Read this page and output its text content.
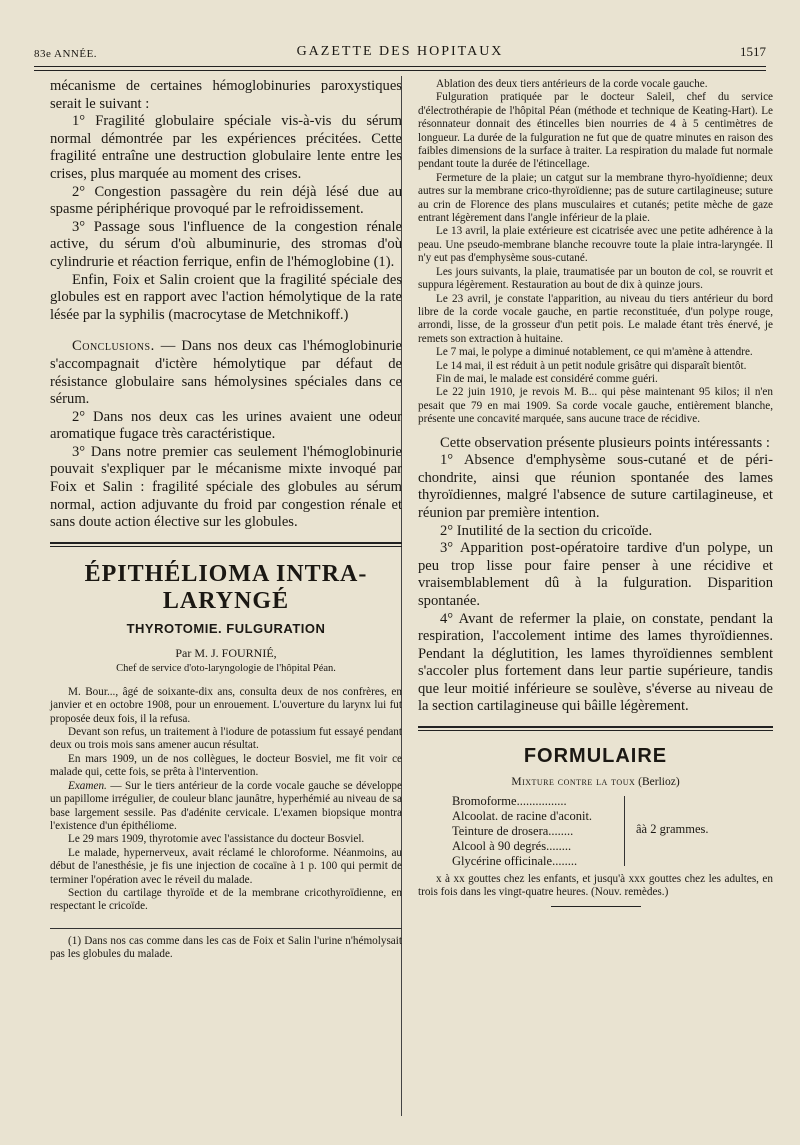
83e ANNÉE.	GAZETTE DES HOPITAUX	1517

mécanisme de certaines hémoglobinuries paroxystiques serait le suivant :

1° Fragilité globulaire spéciale vis-à-vis du sérum normal démontrée par les expériences précitées. Cette fragilité entraîne une destruction globulaire lente entre les crises, plus marquée au moment des crises.

2° Congestion passagère du rein déjà lésé due au spasme périphérique provoqué par le refroidissement.

3° Passage sous l'influence de la congestion rénale active, du sérum d'où albuminurie, des stromas d'où cylindrurie et réaction ferrique, enfin de l'hémoglobine (1).

Enfin, Foix et Salin croient que la fragilité spéciale des globules est en rapport avec l'action hémolytique de la rate lésée par la syphilis (macrocytase de Metchnikoff.)

Conclusions. — Dans nos deux cas l'hémoglobinurie s'accompagnait d'ictère hémolytique par défaut de résistance globulaire sans hémolysines spéciales dans ce sérum.

2° Dans nos deux cas les urines avaient une odeur aromatique fugace très caractéristique.

3° Dans notre premier cas seulement l'hémoglobinurie pouvait s'expliquer par le mécanisme mixte invoqué par Foix et Salin : fragilité spéciale des globules au sérum normal, action adjuvante du froid par congestion rénale et sans doute action élective sur les globules.

ÉPITHÉLIOMA INTRA-LARYNGÉ
THYROTOMIE. FULGURATION
Par M. J. FOURNIÉ,
Chef de service d'oto-laryngologie de l'hôpital Péan.

M. Bour..., âgé de soixante-dix ans, consulta deux de nos confrères, en janvier et en octobre 1908, pour un enrouement. L'ouverture du larynx lui fut proposée deux fois, il la refusa.

Devant son refus, un traitement à l'iodure de potassium fut essayé pendant deux ou trois mois sans amener aucun résultat.

En mars 1909, un de nos collègues, le docteur Bosviel, me fit voir ce malade qui, cette fois, se prêta à l'intervention.

Examen. — Sur le tiers antérieur de la corde vocale gauche se développe un papillome irrégulier, de couleur blanc jaunâtre, hyperhémié au niveau de sa base largement sessile. Pas d'adénite cervicale. L'examen biopsique montra l'existence d'un épithéliome.

Le 29 mars 1909, thyrotomie avec l'assistance du docteur Bosviel.

Le malade, hypernerveux, avait réclamé le chloroforme. Néanmoins, au début de l'anesthésie, je fis une injection de cocaïne à 1 p. 100 qui permit de terminer l'opération avec le réveil du malade.

Section du cartilage thyroïde et de la membrane cricothyroïdienne, en respectant le cricoïde.

(1) Dans nos cas comme dans les cas de Foix et Salin l'urine n'hémolysait pas les globules du malade.

Ablation des deux tiers antérieurs de la corde vocale gauche.

Fulguration pratiquée par le docteur Saleil, chef du service d'électrothérapie de l'hôpital Péan (méthode et technique de Keating-Hart). Le résonnateur donnait des étincelles bien nourries de 4 à 5 centimètres de longueur. La durée de la fulguration ne fut que de quatre minutes en raison des faibles dimensions de la surface à traiter. La respiration du malade fut normale pendant toute la durée de l'étincellage.

Fermeture de la plaie; un catgut sur la membrane thyro-hyoïdienne; deux autres sur la membrane crico-thyroïdienne; pas de suture cartilagineuse; suture au crin de Florence des plans musculaires et cutanés; petite mèche de gaze entrant légèrement dans l'angle inférieur de la plaie.

Le 13 avril, la plaie extérieure est cicatrisée avec une petite adhérence à la peau. Une pseudo-membrane blanche recouvre toute la plaie intra-laryngée. Il n'y eut pas d'emphysème sous-cutané.

Les jours suivants, la plaie, traumatisée par un bouton de col, se rouvrit et suppura légèrement. Restauration au bout de dix à quinze jours.

Le 23 avril, je constate l'apparition, au niveau du tiers antérieur du bord libre de la corde vocale gauche, en partie reconstituée, d'un polype rouge, arrondi, lisse, de la grosseur d'un petit pois. Le malade étant très énervé, je remets son extraction à huitaine.

Le 7 mai, le polype a diminué notablement, ce qui m'amène à attendre.

Le 14 mai, il est réduit à un petit nodule grisâtre qui disparaît bientôt.

Fin de mai, le malade est considéré comme guéri.

Le 22 juin 1910, je revois M. B... qui pèse maintenant 95 kilos; il n'en pesait que 79 en mai 1909. Sa corde vocale gauche, entièrement blanche, présente une concavité marquée, sans aucune trace de récidive.

Cette observation présente plusieurs points intéressants :

1° Absence d'emphysème sous-cutané et de périchondrite, ainsi que réunion spontanée des lames thyroïdiennes, malgré l'absence de suture cartilagineuse, et réunion par première intention.

2° Inutilité de la section du cricoïde.

3° Apparition post-opératoire tardive d'un polype, un peu trop lisse pour faire penser à une récidive et vraisemblablement dû à la fulguration. Disparition spontanée.

4° Avant de refermer la plaie, on constate, pendant la respiration, l'accolement intime des lames thyroïdiennes. Pendant la déglutition, les lames thyroïdiennes semblent s'accoler plus fortement dans leur partie supérieure, tandis que leur moitié inférieure se soulève, s'éverse au niveau de la section cartilagineuse qui bâille légèrement.

FORMULAIRE
Mixture contre la toux (Berlioz)
Bromoforme................
Alcoolat. de racine d'aconit.
Teinture de drosera........
Alcool à 90 degrés........
Glycérine officinale........
âà 2 grammes.

x à xx gouttes chez les enfants, et jusqu'à xxx gouttes chez les adultes, en trois fois dans les vingt-quatre heures. (Nouv. remèdes.)
